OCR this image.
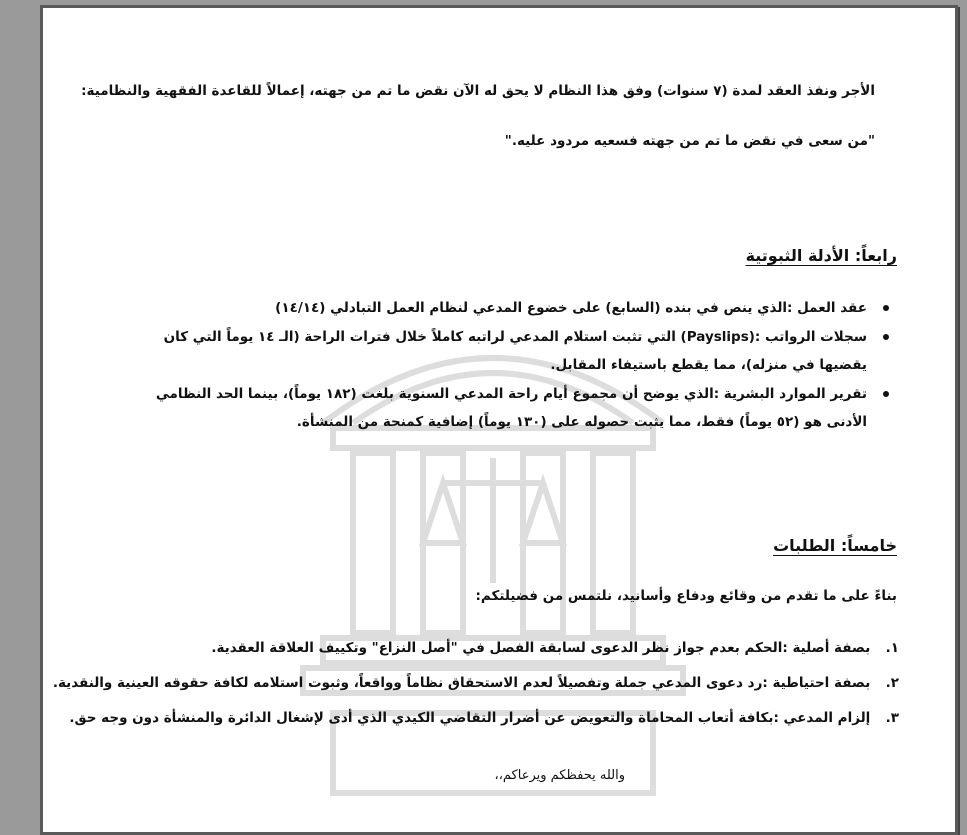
الأجر ونفذ العقد لمدة (٧ سنوات) وفق هذا النظام لا يحق له الآن نقض ما تم من جهته، إعمالاً للقاعدة الفقهية والنظامية:
"من سعى في نقض ما تم من جهته فسعيه مردود عليه."
رابعاً: الأدلة الثبوتية
عقد العمل :الذي ينص في بنده (السابع) على خضوع المدعي لنظام العمل التبادلي (١٤/١٤)
سجلات الرواتب :(Payslips) التي تثبت استلام المدعي لراتبه كاملاً خلال فترات الراحة (الـ ١٤ يوماً التي كان يقضيها في منزله)، مما يقطع باستيفاء المقابل.
تقرير الموارد البشرية :الذي يوضح أن مجموع أيام راحة المدعي السنوية بلغت (١٨٢ يوماً)، بينما الحد النظامي الأدنى هو (٥٢ يوماً) فقط، مما يثبت حصوله على (١٣٠ يوماً) إضافية كمنحة من المنشأة.
خامساً: الطلبات
بناءً على ما تقدم من وقائع ودفاع وأسانيد، نلتمس من فضيلتكم:
١. بصفة أصلية :الحكم بعدم جواز نظر الدعوى لسابقة الفصل في "أصل النزاع" وتكييف العلاقة العقدية.
٢. بصفة احتياطية :رد دعوى المدعي جملة وتفصيلاً لعدم الاستحقاق نظاماً وواقعاً، وثبوت استلامه لكافة حقوقه العينية والنقدية.
٣. إلزام المدعي :بكافة أتعاب المحاماة والتعويض عن أضرار التقاضي الكيدي الذي أدى لإشغال الدائرة والمنشأة دون وجه حق.
والله يحفظكم ويرعاكم،،
